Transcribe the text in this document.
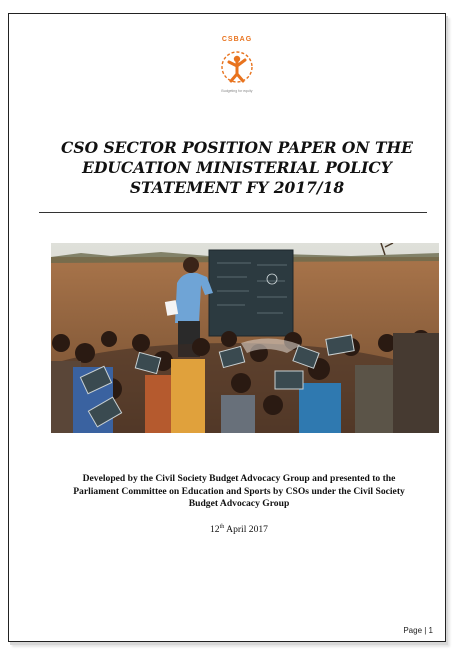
CSBAG
Budgeting for equity
CSO SECTOR POSITION PAPER ON THE
EDUCATION MINISTERIAL POLICY
STATEMENT FY 2017/18
Developed by the Civil Society Budget Advocacy Group and presented to the
Parliament Committee on Education and Sports by CSOs under the Civil Society
Budget Advocacy Group
12th April 2017
Page | 1
